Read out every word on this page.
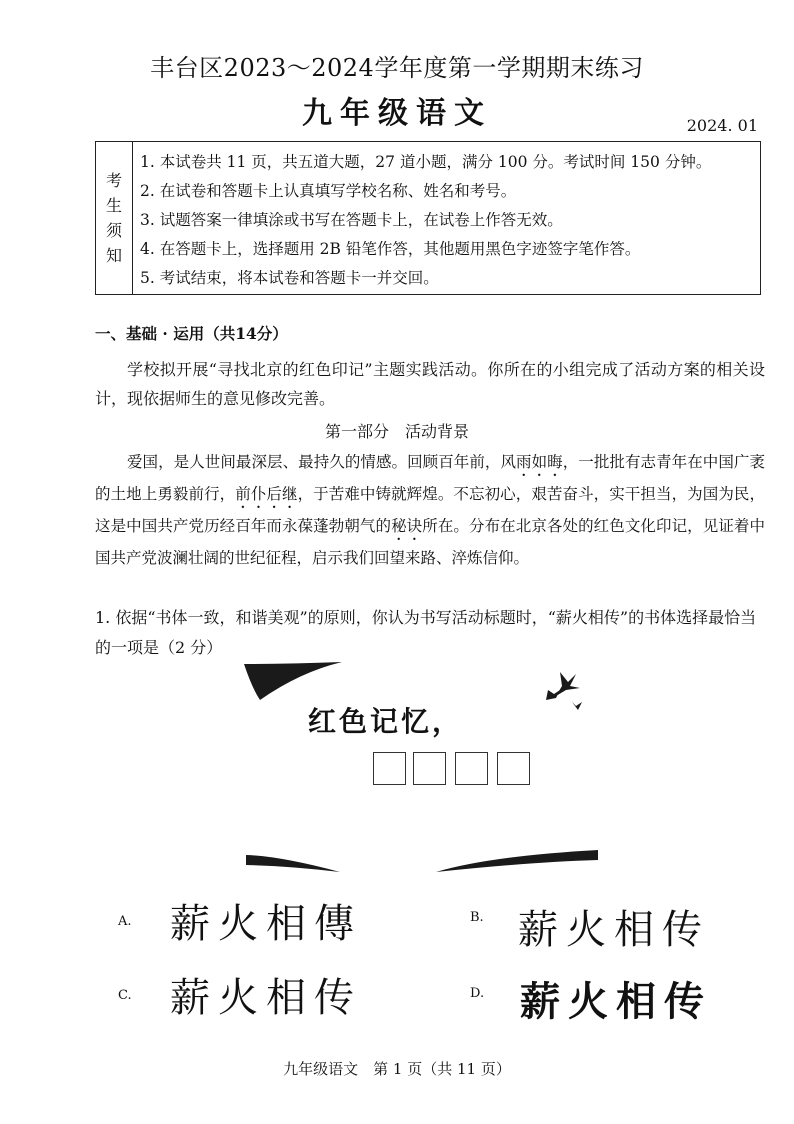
丰台区2023～2024学年度第一学期期末练习
九年级语文	2024. 01
考
生
须
知
1. 本试卷共 11 页，共五道大题，27 道小题，满分 100 分。考试时间 150 分钟。
2. 在试卷和答题卡上认真填写学校名称、姓名和考号。
3. 试题答案一律填涂或书写在答题卡上，在试卷上作答无效。
4. 在答题卡上，选择题用 2B 铅笔作答，其他题用黑色字迹签字笔作答。
5. 考试结束，将本试卷和答题卡一并交回。
一、基础 · 运用（共14分）
学校拟开展“寻找北京的红色印记”主题实践活动。你所在的小组完成了活动方案的相关设计，现依据师生的意见修改完善。
第一部分　活动背景
爱国，是人世间最深层、最持久的情感。回顾百年前，风雨如晦，一批批有志青年在中国广袤的土地上勇毅前行，前仆后继，于苦难中铸就辉煌。不忘初心，艰苦奋斗，实干担当，为国为民，这是中国共产党历经百年而永葆蓬勃朝气的秘诀所在。分布在北京各处的红色文化印记，见证着中国共产党波澜壮阔的世纪征程，启示我们回望来路、淬炼信仰。
1. 依据“书体一致，和谐美观”的原则，你认为书写活动标题时，“薪火相传”的书体选择最恰当的一项是（2 分）
红色记忆，
A. 薪火相傳	B. 薪火相传
C. 薪火相传	D. 薪火相传
九年级语文　第 1 页（共 11 页）
